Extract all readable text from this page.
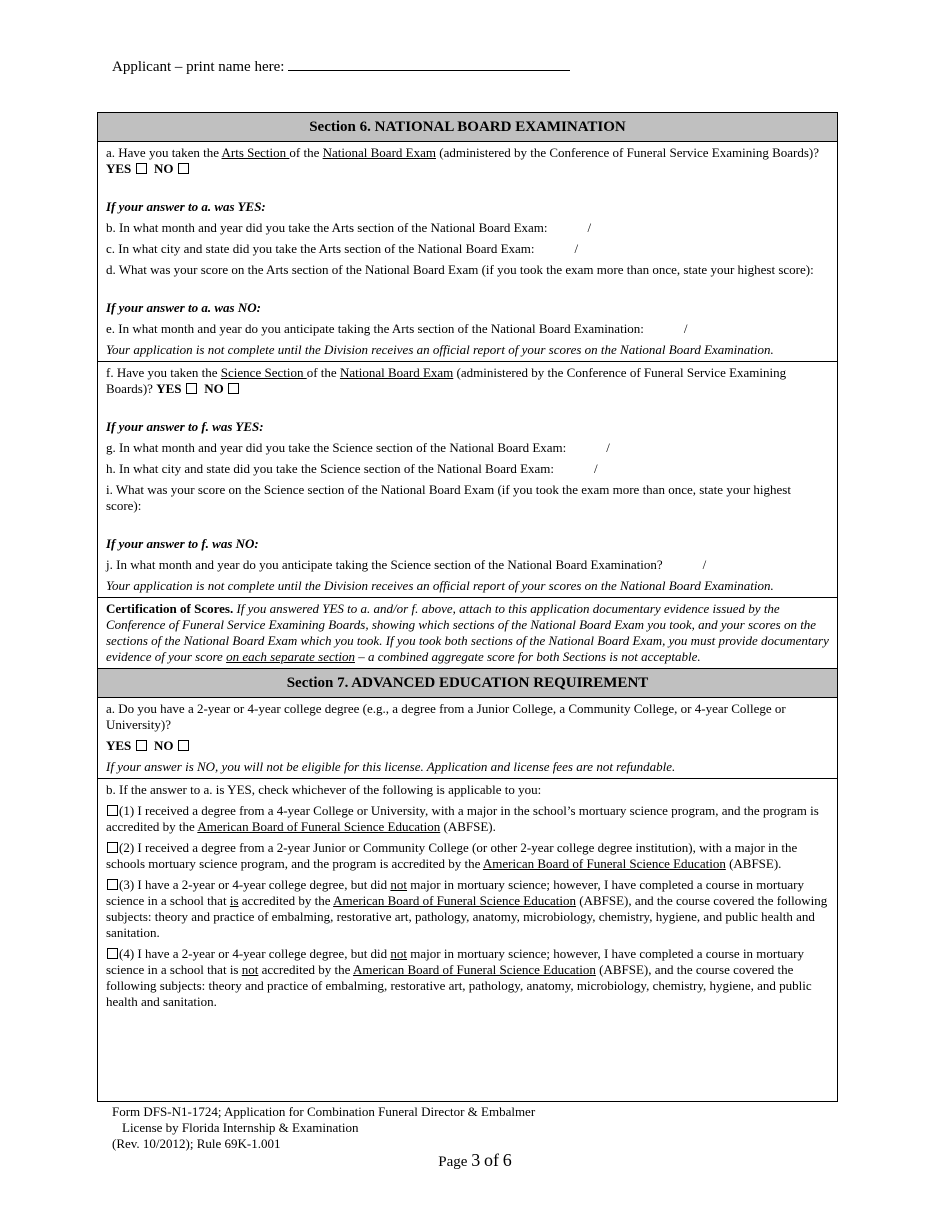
Applicant – print name here:
Section 6. NATIONAL BOARD EXAMINATION

a. Have you taken the Arts Section of the National Board Exam (administered by the Conference of Funeral Service Examining Boards)? YES NO

If your answer to a. was YES:

b. In what month and year did you take the Arts section of the National Board Exam:	/

c. In what city and state did you take the Arts section of the National Board Exam:	/

d. What was your score on the Arts section of the National Board Exam (if you took the exam more than once, state your highest score):

If your answer to a. was NO:

e. In what month and year do you anticipate taking the Arts section of the National Board Examination:	/

Your application is not complete until the Division receives an official report of your scores on the National Board Examination.

f. Have you taken the Science Section of the National Board Exam (administered by the Conference of Funeral Service Examining Boards)? YES NO

If your answer to f. was YES:

g. In what month and year did you take the Science section of the National Board Exam:	/

h. In what city and state did you take the Science section of the National Board Exam:	/

i. What was your score on the Science section of the National Board Exam (if you took the exam more than once, state your highest score):

If your answer to f. was NO:

j. In what month and year do you anticipate taking the Science section of the National Board Examination?	/

Your application is not complete until the Division receives an official report of your scores on the National Board Examination.

Certification of Scores. If you answered YES to a. and/or f. above, attach to this application documentary evidence issued by the Conference of Funeral Service Examining Boards, showing which sections of the National Board Exam you took, and your scores on the sections of the National Board Exam which you took. If you took both sections of the National Board Exam, you must provide documentary evidence of your score on each separate section – a combined aggregate score for both Sections is not acceptable.

Section 7. ADVANCED EDUCATION REQUIREMENT

a. Do you have a 2-year or 4-year college degree (e.g., a degree from a Junior College, a Community College, or 4-year College or University)?

YES NO

If your answer is NO, you will not be eligible for this license. Application and license fees are not refundable.

b. If the answer to a. is YES, check whichever of the following is applicable to you:

(1) I received a degree from a 4-year College or University, with a major in the school’s mortuary science program, and the program is accredited by the American Board of Funeral Science Education (ABFSE).

(2) I received a degree from a 2-year Junior or Community College (or other 2-year college degree institution), with a major in the schools mortuary science program, and the program is accredited by the American Board of Funeral Science Education (ABFSE).

(3) I have a 2-year or 4-year college degree, but did not major in mortuary science; however, I have completed a course in mortuary science in a school that is accredited by the American Board of Funeral Science Education (ABFSE), and the course covered the following subjects: theory and practice of embalming, restorative art, pathology, anatomy, microbiology, chemistry, hygiene, and public health and sanitation.

(4) I have a 2-year or 4-year college degree, but did not major in mortuary science; however, I have completed a course in mortuary science in a school that is not accredited by the American Board of Funeral Science Education (ABFSE), and the course covered the following subjects: theory and practice of embalming, restorative art, pathology, anatomy, microbiology, chemistry, hygiene, and public health and sanitation.

Form DFS-N1-1724; Application for Combination Funeral Director & Embalmer
License by Florida Internship & Examination
(Rev. 10/2012); Rule 69K-1.001
Page 3 of 6
